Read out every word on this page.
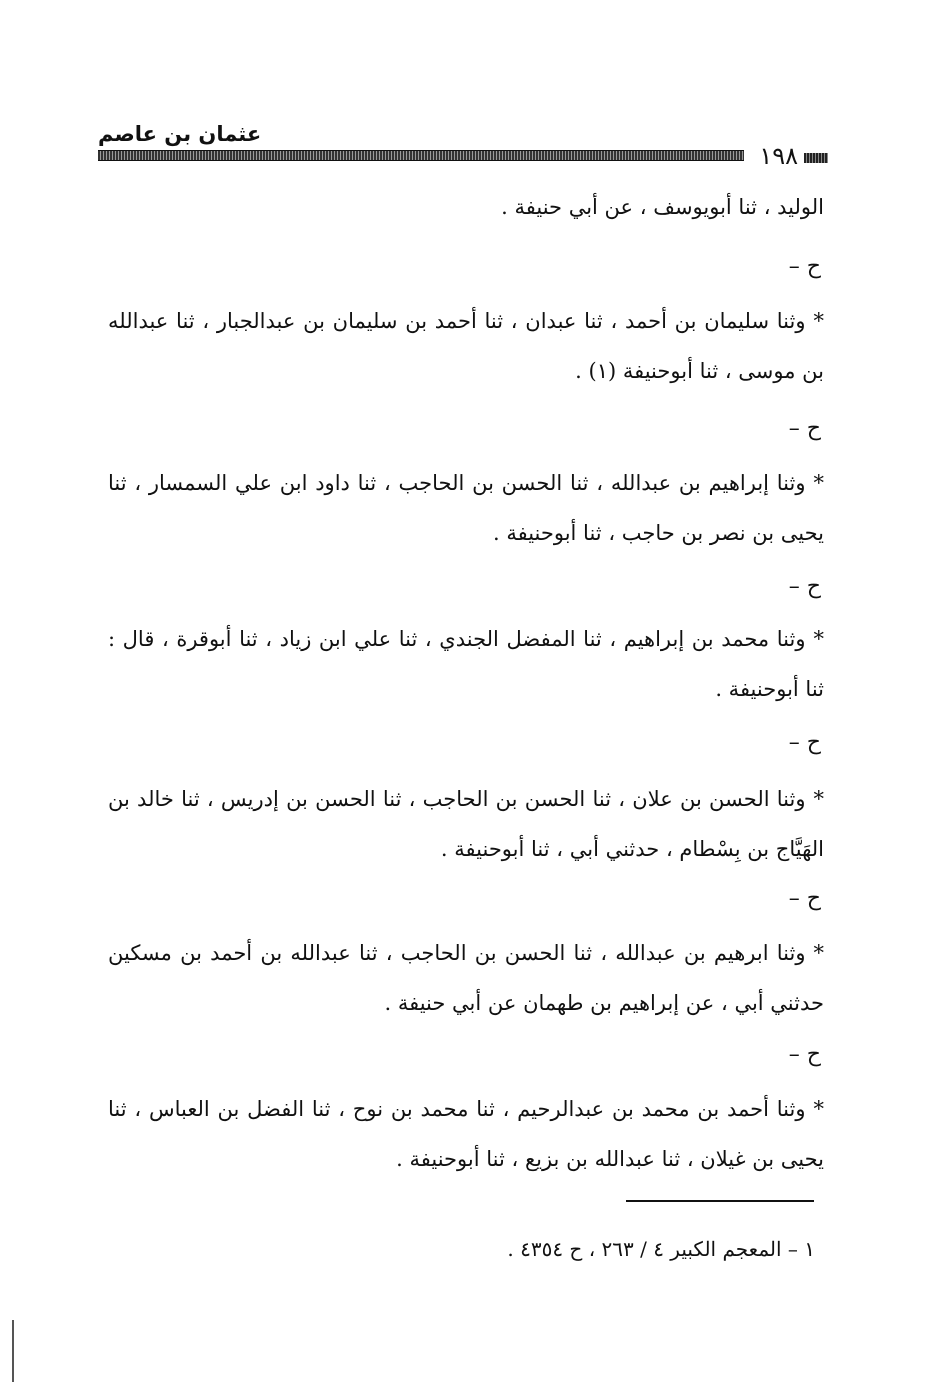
عثمان بن عاصم
١٩٨
الوليد ، ثنا أبويوسف ، عن أبي حنيفة .
ح –
*وثنا سليمان بن أحمد ، ثنا عبدان ، ثنا أحمد بن سليمان بن عبدالجبار ، ثنا عبدالله بن موسى ، ثنا أبوحنيفة (١) .
ح –
*وثنا إبراهيم بن عبدالله ، ثنا الحسن بن الحاجب ، ثنا داود ابن علي السمسار ، ثنا يحيى بن نصر بن حاجب ، ثنا أبوحنيفة .
ح –
*وثنا محمد بن إبراهيم ، ثنا المفضل الجندي ، ثنا علي ابن زياد ، ثنا أبوقرة ، قال : ثنا أبوحنيفة .
ح –
*وثنا الحسن بن علان ، ثنا الحسن بن الحاجب ، ثنا الحسن بن إدريس ، ثنا خالد بن الهَيَّاج بن بِسْطام ، حدثني أبي ، ثنا أبوحنيفة .
ح –
*وثنا ابرهيم بن عبدالله ، ثنا الحسن بن الحاجب ، ثنا عبدالله بن أحمد بن مسكين حدثني أبي ، عن إبراهيم بن طهمان عن أبي حنيفة .
ح –
*وثنا أحمد بن محمد بن عبدالرحيم ، ثنا محمد بن نوح ، ثنا الفضل بن العباس ، ثنا يحيى بن غيلان ، ثنا عبدالله بن بزيع ، ثنا أبوحنيفة .
١ – المعجم الكبير ٤ / ٢٦٣ ، ح ٤٣٥٤ .
